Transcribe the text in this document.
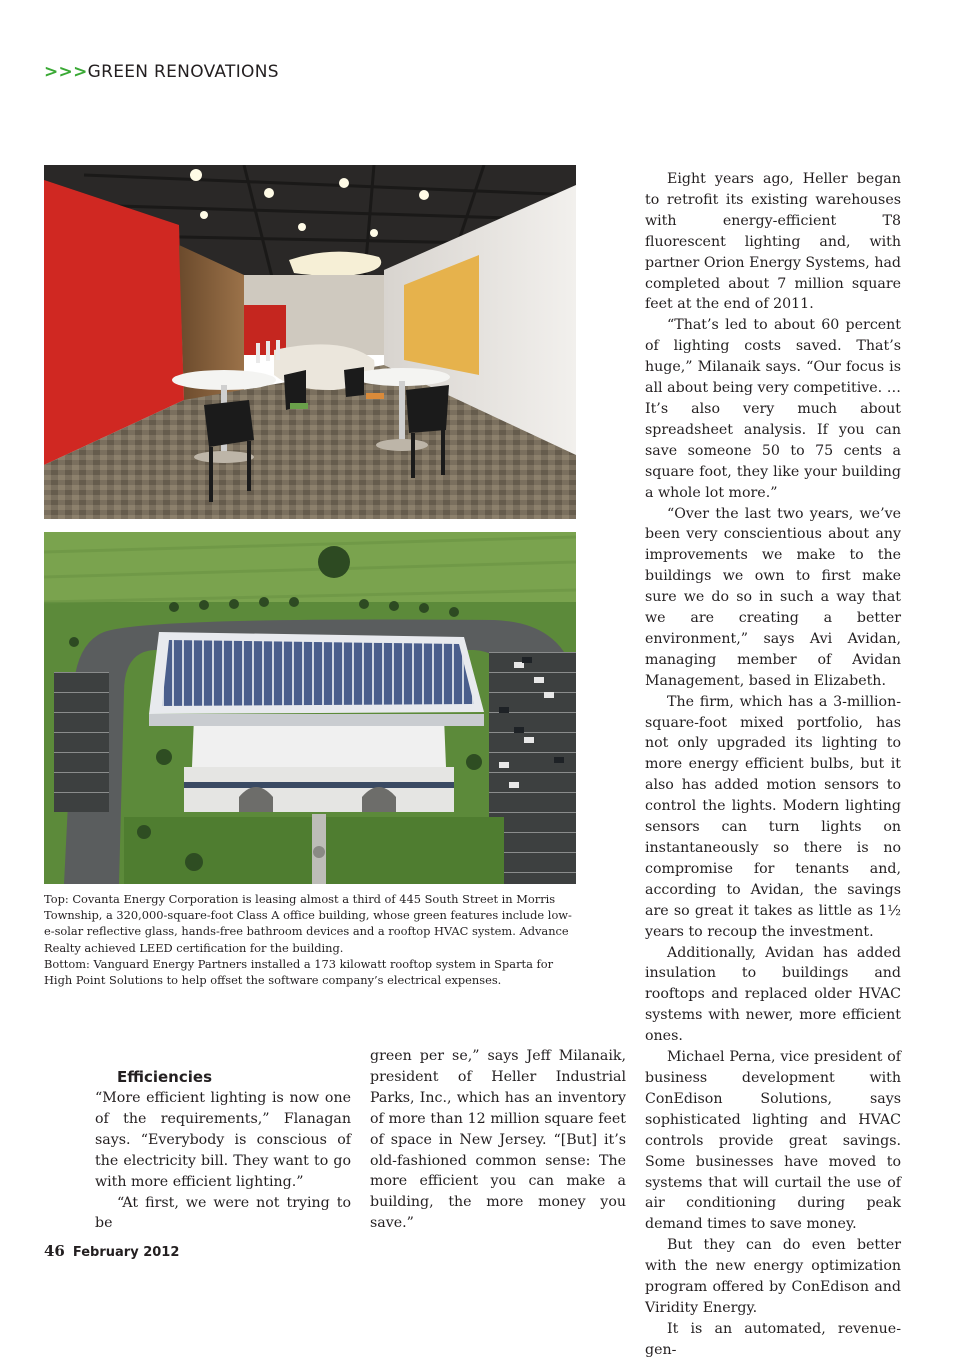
>>>GREEN RENOVATIONS

Top: Covanta Energy Corporation is leasing almost a third of 445 South Street in Morris Township, a 320,000-square-foot Class A office building, whose green features include low-e-solar reflective glass, hands-free bathroom devices and a rooftop HVAC system. Advance Realty achieved LEED certification for the building.

Bottom: Vanguard Energy Partners installed a 173 kilowatt rooftop system in Sparta for High Point Solutions to help offset the software company’s electrical expenses.

Efficiencies

“More efficient lighting is now one of the requirements,” Flanagan says. “Everybody is conscious of the electricity bill. They want to go with more efficient lighting.”

“At first, we were not trying to be

green per se,” says Jeff Milanaik, president of Heller Industrial Parks, Inc., which has an inventory of more than 12 million square feet of space in New Jersey. “[But] it’s old-fashioned common sense: The more efficient you can make a building, the more money you save.”

Eight years ago, Heller began to retrofit its existing warehouses with energy-efficient T8 fluorescent lighting and, with partner Orion Energy Systems, had completed about 7 million square feet at the end of 2011.

“That’s led to about 60 percent of lighting costs saved. That’s huge,” Milanaik says. “Our focus is all about being very competitive. … It’s also very much about spreadsheet analysis. If you can save someone 50 to 75 cents a square foot, they like your building a whole lot more.”

“Over the last two years, we’ve been very conscientious about any improvements we make to the buildings we own to first make sure we do so in such a way that we are creating a better environment,” says Avi Avidan, managing member of Avidan Management, based in Elizabeth.

The firm, which has a 3-million-square-foot mixed portfolio, has not only upgraded its lighting to more energy efficient bulbs, but it also has added motion sensors to control the lights. Modern lighting sensors can turn lights on instantaneously so there is no compromise for tenants and, according to Avidan, the savings are so great it takes as little as 1½ years to recoup the investment.

Additionally, Avidan has added insulation to buildings and rooftops and replaced older HVAC systems with newer, more efficient ones.

Michael Perna, vice president of business development with ConEdison Solutions, says sophisticated lighting and HVAC controls provide great savings. Some businesses have moved to systems that will curtail the use of air conditioning during peak demand times to save money.

But they can do even better with the new energy optimization program offered by ConEdison and Viridity Energy.

It is an automated, revenue-gen-

46 February 2012
